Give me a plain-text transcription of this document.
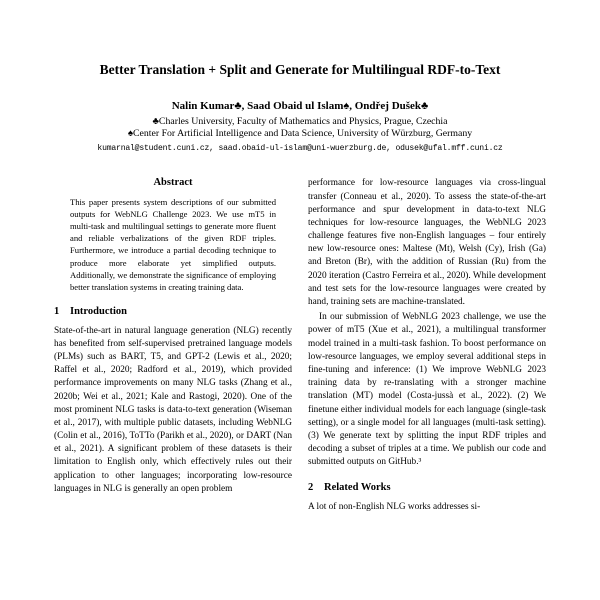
Better Translation + Split and Generate for Multilingual RDF-to-Text
Nalin Kumar♣, Saad Obaid ul Islam♠, Ondřej Dušek♣
♣Charles University, Faculty of Mathematics and Physics, Prague, Czechia
♠Center For Artificial Intelligence and Data Science, University of Würzburg, Germany
kumarnal@student.cuni.cz, saad.obaid-ul-islam@uni-wuerzburg.de, odusek@ufal.mff.cuni.cz
Abstract
This paper presents system descriptions of our submitted outputs for WebNLG Challenge 2023. We use mT5 in multi-task and multilingual settings to generate more fluent and reliable verbalizations of the given RDF triples. Furthermore, we introduce a partial decoding technique to produce more elaborate yet simplified outputs. Additionally, we demonstrate the significance of employing better translation systems in creating training data.
1 Introduction
State-of-the-art in natural language generation (NLG) recently has benefited from self-supervised pretrained language models (PLMs) such as BART, T5, and GPT-2 (Lewis et al., 2020; Raffel et al., 2020; Radford et al., 2019), which provided performance improvements on many NLG tasks (Zhang et al., 2020b; Wei et al., 2021; Kale and Rastogi, 2020). One of the most prominent NLG tasks is data-to-text generation (Wiseman et al., 2017), with multiple public datasets, including WebNLG (Colin et al., 2016), ToTTo (Parikh et al., 2020), or DART (Nan et al., 2021). A significant problem of these datasets is their limitation to English only, which effectively rules out their application to other languages; incorporating low-resource languages in NLG is generally an open problem
performance for low-resource languages via cross-lingual transfer (Conneau et al., 2020). To assess the state-of-the-art performance and spur development in data-to-text NLG techniques for low-resource languages, the WebNLG 2023 challenge features five non-English languages – four entirely new low-resource ones: Maltese (Mt), Welsh (Cy), Irish (Ga) and Breton (Br), with the addition of Russian (Ru) from the 2020 iteration (Castro Ferreira et al., 2020). While development and test sets for the low-resource languages were created by hand, training sets are machine-translated.
In our submission of WebNLG 2023 challenge, we use the power of mT5 (Xue et al., 2021), a multilingual transformer model trained in a multi-task fashion. To boost performance on low-resource languages, we employ several additional steps in fine-tuning and inference: (1) We improve WebNLG 2023 training data by re-translating with a stronger machine translation (MT) model (Costa-jussà et al., 2022). (2) We finetune either individual models for each language (single-task setting), or a single model for all languages (multi-task setting). (3) We generate text by splitting the input RDF triples and decoding a subset of triples at a time. We publish our code and submitted outputs on GitHub.³
2 Related Works
A lot of non-English NLG works addresses si-
